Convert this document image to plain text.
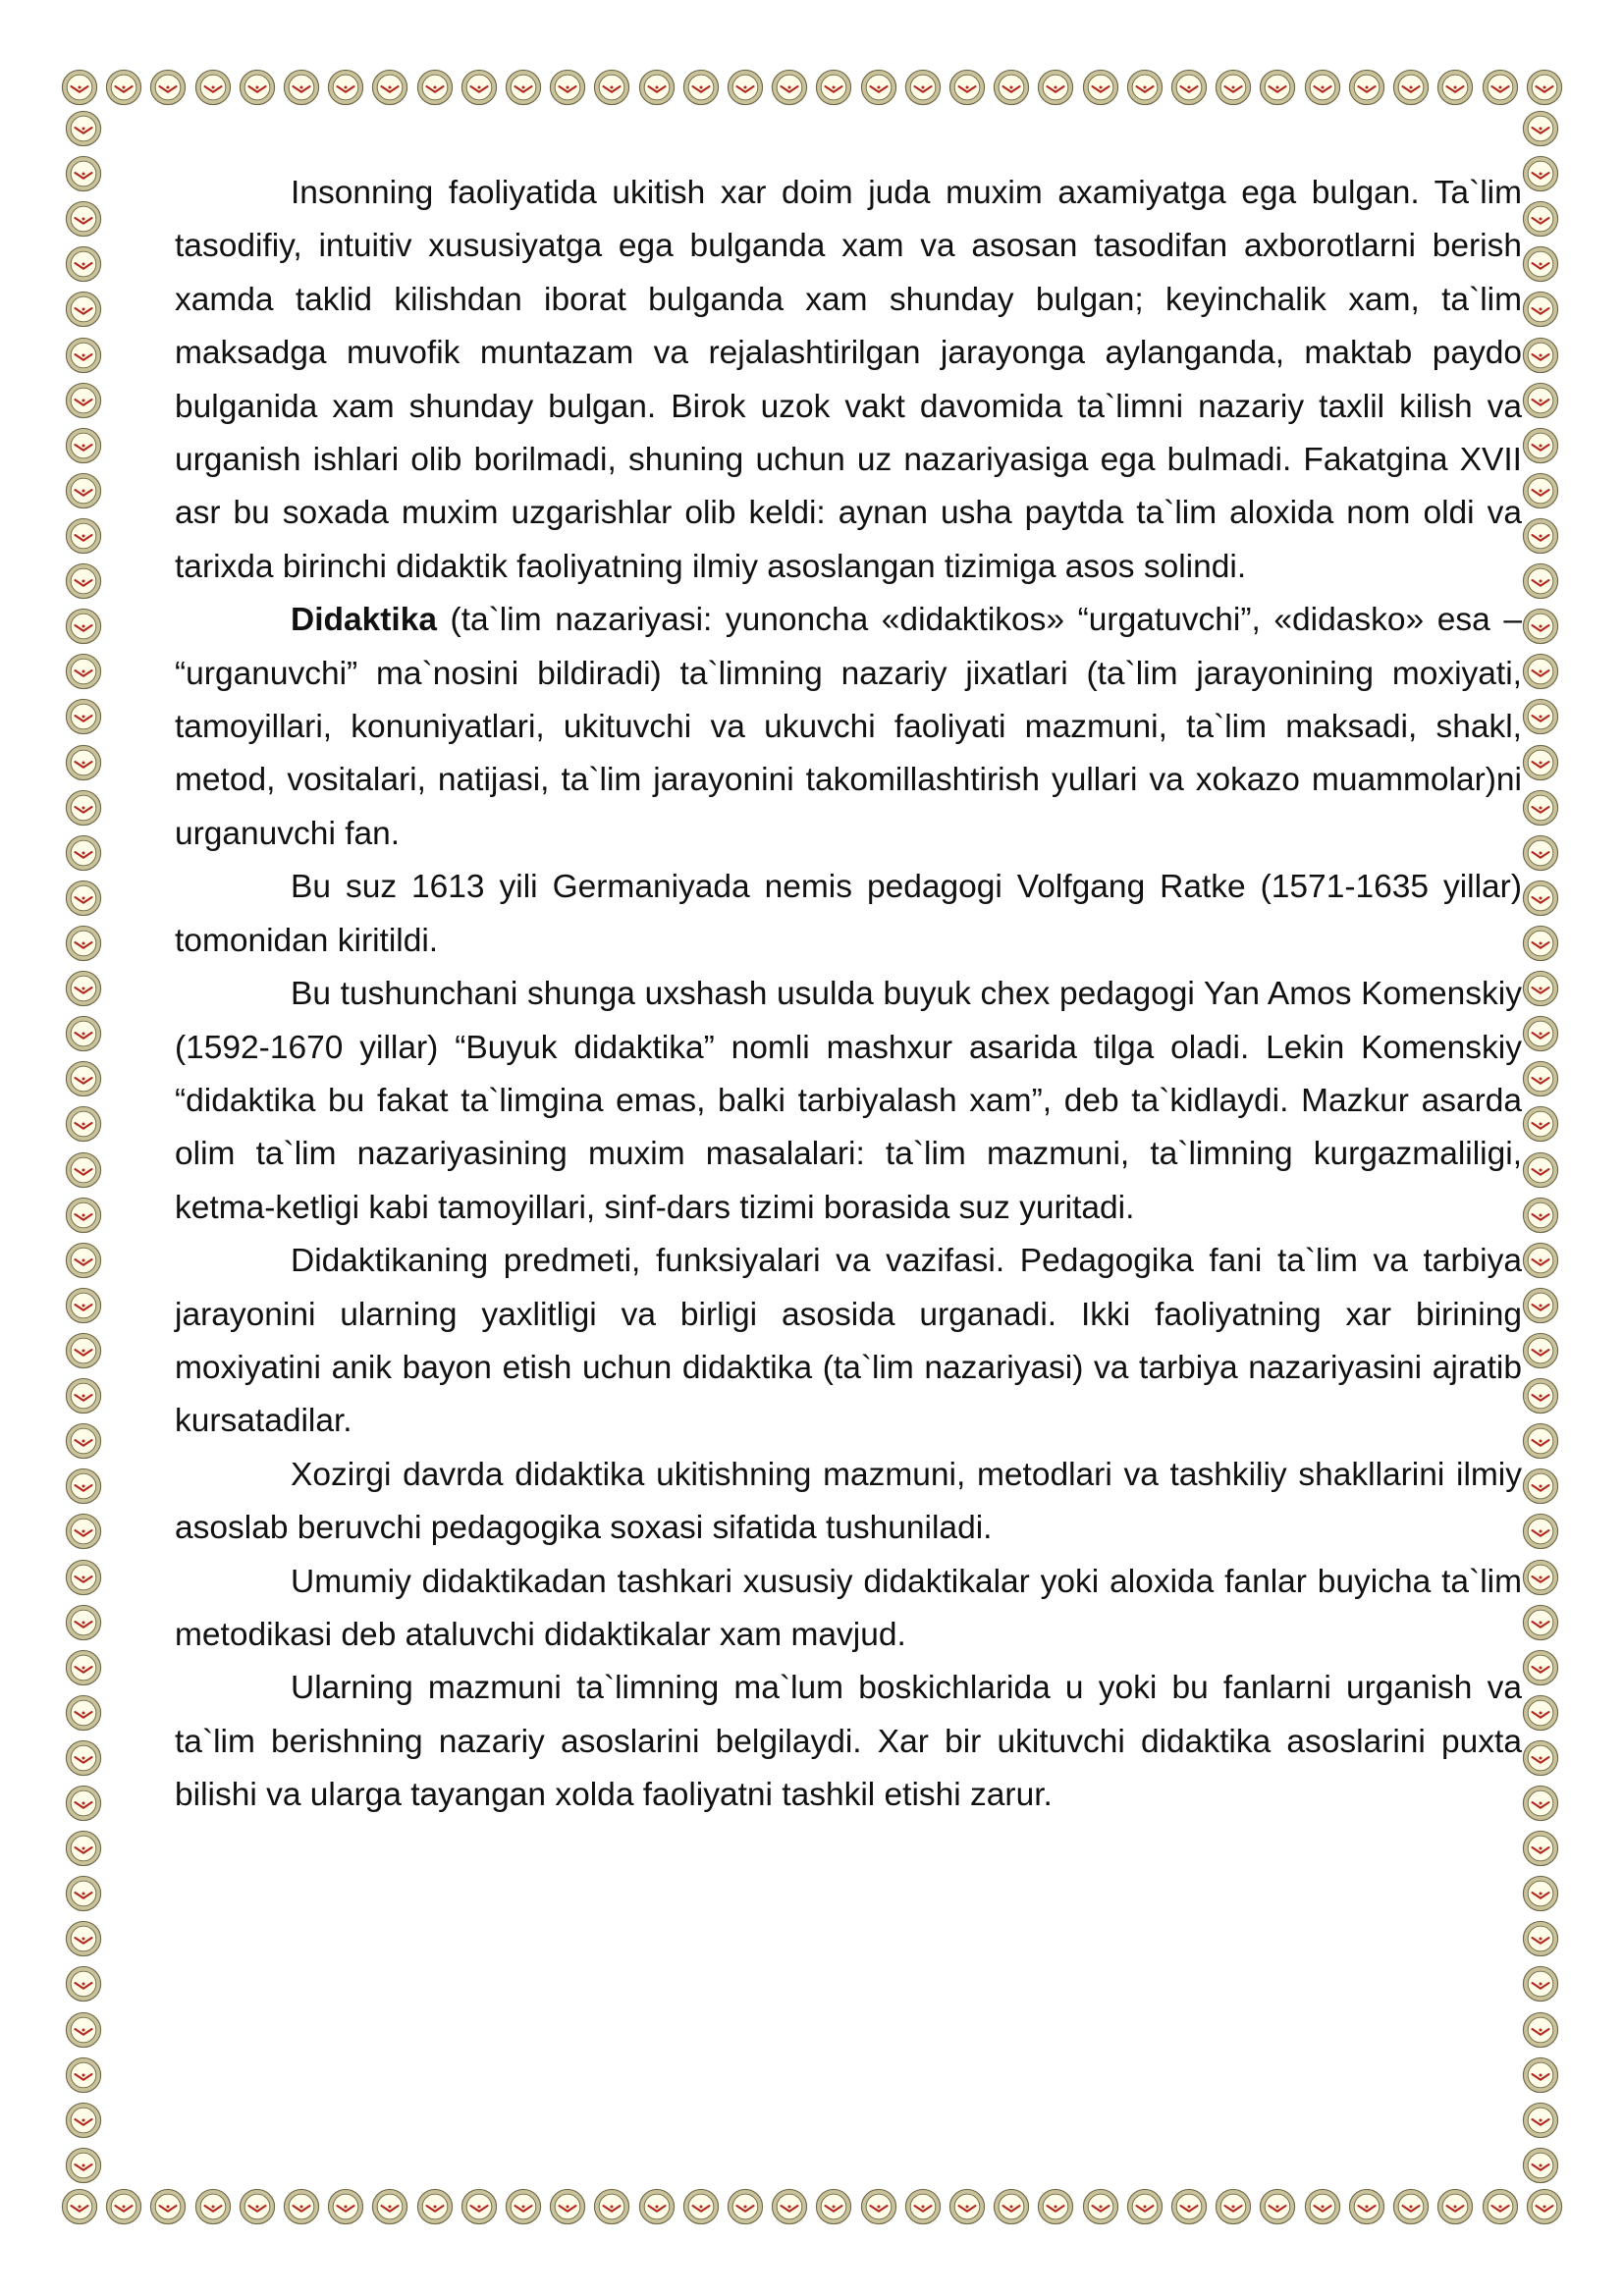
Insonning faoliyatida ukitish xar doim juda muxim axamiyatga ega bulgan. Ta`lim tasodifiy, intuitiv xususiyatga ega bulganda xam va asosan tasodifan axborotlarni berish xamda taklid kilishdan iborat bulganda xam shunday bulgan; keyinchalik xam, ta`lim maksadga muvofik muntazam va rejalashtirilgan jarayonga aylanganda, maktab paydo bulganida xam shunday bulgan. Birok uzok vakt davomida ta`limni nazariy taxlil kilish va urganish ishlari olib borilmadi, shuning uchun uz nazariyasiga ega bulmadi. Fakatgina XVII asr bu soxada muxim uzgarishlar olib keldi: aynan usha paytda ta`lim aloxida nom oldi va tarixda birinchi didaktik faoliyatning ilmiy asoslangan tizimiga asos solindi.

Didaktika (ta`lim nazariyasi: yunoncha «didaktikos» “urgatuvchi”, «didasko» esa – “urganuvchi” ma`nosini bildiradi) ta`limning nazariy jixatlari (ta`lim jarayonining moxiyati, tamoyillari, konuniyatlari, ukituvchi va ukuvchi faoliyati mazmuni, ta`lim maksadi, shakl, metod, vositalari, natijasi, ta`lim jarayonini takomillashtirish yullari va xokazo muammolar)ni urganuvchi fan.

Bu suz 1613 yili Germaniyada nemis pedagogi Volfgang Ratke (1571-1635 yillar) tomonidan kiritildi.

Bu tushunchani shunga uxshash usulda buyuk chex pedagogi Yan Amos Komenskiy (1592-1670 yillar) “Buyuk didaktika” nomli mashxur asarida tilga oladi. Lekin Komenskiy “didaktika bu fakat ta`limgina emas, balki tarbiyalash xam”, deb ta`kidlaydi. Mazkur asarda olim ta`lim nazariyasining muxim masalalari: ta`lim mazmuni, ta`limning kurgazmaliligi, ketma-ketligi kabi tamoyillari, sinf-dars tizimi borasida suz yuritadi.

Didaktikaning predmeti, funksiyalari va vazifasi. Pedagogika fani ta`lim va tarbiya jarayonini ularning yaxlitligi va birligi asosida urganadi. Ikki faoliyatning xar birining moxiyatini anik bayon etish uchun didaktika (ta`lim nazariyasi) va tarbiya nazariyasini ajratib kursatadilar.

Xozirgi davrda didaktika ukitishning mazmuni, metodlari va tashkiliy shakllarini ilmiy asoslab beruvchi pedagogika soxasi sifatida tushuniladi.

Umumiy didaktikadan tashkari xususiy didaktikalar yoki aloxida fanlar buyicha ta`lim metodikasi deb ataluvchi didaktikalar xam mavjud.

Ularning mazmuni ta`limning ma`lum boskichlarida u yoki bu fanlarni urganish va ta`lim berishning nazariy asoslarini belgilaydi. Xar bir ukituvchi didaktika asoslarini puxta bilishi va ularga tayangan xolda faoliyatni tashkil etishi zarur.
